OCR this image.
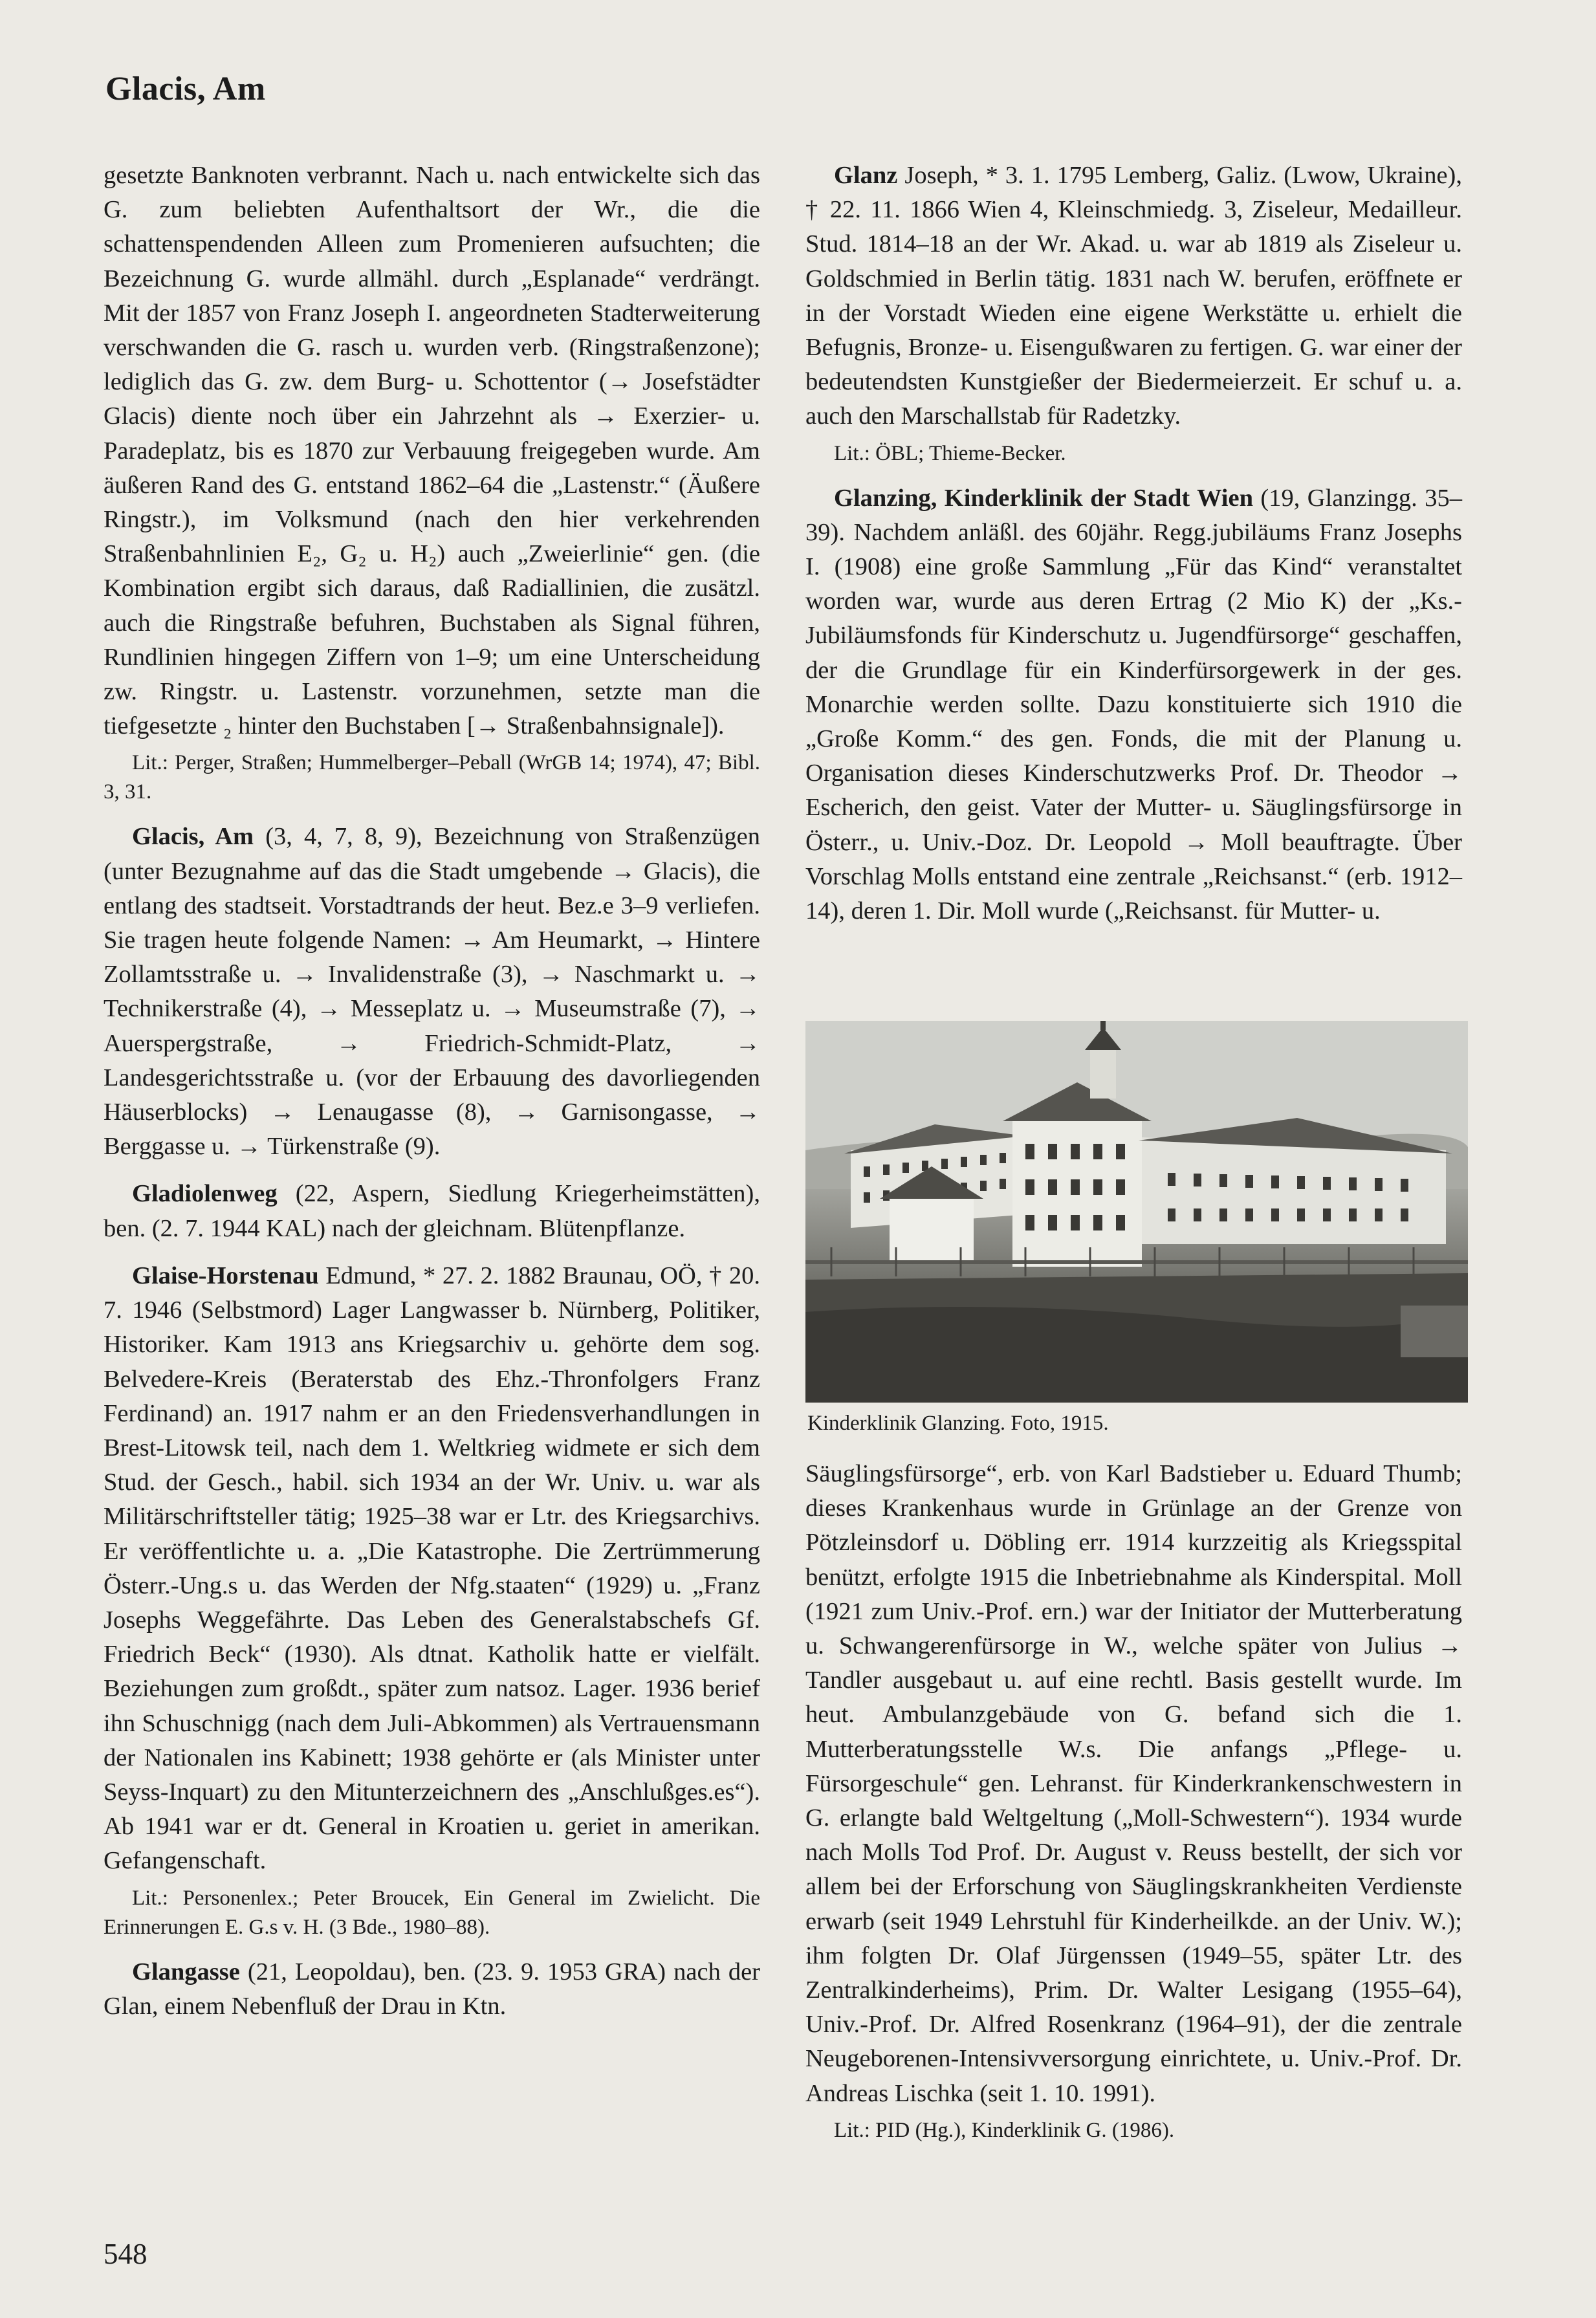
Glacis, Am

gesetzte Banknoten verbrannt. Nach u. nach entwickelte sich das G. zum beliebten Aufenthaltsort der Wr., die die schattenspendenden Alleen zum Promenieren aufsuchten; die Bezeichnung G. wurde allmähl. durch „Esplanade“ verdrängt. Mit der 1857 von Franz Joseph I. angeordneten Stadterweiterung verschwanden die G. rasch u. wurden verb. (Ringstraßenzone); lediglich das G. zw. dem Burg- u. Schottentor (→ Josefstädter Glacis) diente noch über ein Jahrzehnt als → Exerzier- u. Paradeplatz, bis es 1870 zur Verbauung freigegeben wurde. Am äußeren Rand des G. entstand 1862–64 die „Lastenstr.“ (Äußere Ringstr.), im Volksmund (nach den hier verkehrenden Straßenbahnlinien E₂, G₂ u. H₂) auch „Zweierlinie“ gen. (die Kombination ergibt sich daraus, daß Radiallinien, die zusätzl. auch die Ringstraße befuhren, Buchstaben als Signal führen, Rundlinien hingegen Ziffern von 1–9; um eine Unterscheidung zw. Ringstr. u. Lastenstr. vorzunehmen, setzte man die tiefgesetzte ₂ hinter den Buchstaben [→ Straßenbahnsignale]).

Lit.: Perger, Straßen; Hummelberger–Peball (WrGB 14; 1974), 47; Bibl. 3, 31.

Glacis, Am (3, 4, 7, 8, 9), Bezeichnung von Straßenzügen (unter Bezugnahme auf das die Stadt umgebende → Glacis), die entlang des stadtseit. Vorstadtrands der heut. Bez.e 3–9 verliefen. Sie tragen heute folgende Namen: → Am Heumarkt, → Hintere Zollamtsstraße u. → Invalidenstraße (3), → Naschmarkt u. → Technikerstraße (4), → Messeplatz u. → Museumstraße (7), → Auerspergstraße, → Friedrich-Schmidt-Platz, → Landesgerichtsstraße u. (vor der Erbauung des davorliegenden Häuserblocks) → Lenaugasse (8), → Garnisongasse, → Berggasse u. → Türkenstraße (9).

Gladiolenweg (22, Aspern, Siedlung Kriegerheimstätten), ben. (2. 7. 1944 KAL) nach der gleichnam. Blütenpflanze.

Glaise-Horstenau Edmund, * 27. 2. 1882 Braunau, OÖ, † 20. 7. 1946 (Selbstmord) Lager Langwasser b. Nürnberg, Politiker, Historiker. Kam 1913 ans Kriegsarchiv u. gehörte dem sog. Belvedere-Kreis (Beraterstab des Ehz.-Thronfolgers Franz Ferdinand) an. 1917 nahm er an den Friedensverhandlungen in Brest-Litowsk teil, nach dem 1. Weltkrieg widmete er sich dem Stud. der Gesch., habil. sich 1934 an der Wr. Univ. u. war als Militärschriftsteller tätig; 1925–38 war er Ltr. des Kriegsarchivs. Er veröffentlichte u. a. „Die Katastrophe. Die Zertrümmerung Österr.-Ung.s u. das Werden der Nfg.staaten“ (1929) u. „Franz Josephs Weggefährte. Das Leben des Generalstabschefs Gf. Friedrich Beck“ (1930). Als dtnat. Katholik hatte er vielfält. Beziehungen zum großdt., später zum natsoz. Lager. 1936 berief ihn Schuschnigg (nach dem Juli-Abkommen) als Vertrauensmann der Nationalen ins Kabinett; 1938 gehörte er (als Minister unter Seyss-Inquart) zu den Mitunterzeichnern des „Anschlußges.es“). Ab 1941 war er dt. General in Kroatien u. geriet in amerikan. Gefangenschaft.

Lit.: Personenlex.; Peter Broucek, Ein General im Zwielicht. Die Erinnerungen E. G.s v. H. (3 Bde., 1980–88).

Glangasse (21, Leopoldau), ben. (23. 9. 1953 GRA) nach der Glan, einem Nebenfluß der Drau in Ktn.

Glanz Joseph, * 3. 1. 1795 Lemberg, Galiz. (Lwow, Ukraine), † 22. 11. 1866 Wien 4, Kleinschmiedg. 3, Ziseleur, Medailleur. Stud. 1814–18 an der Wr. Akad. u. war ab 1819 als Ziseleur u. Goldschmied in Berlin tätig. 1831 nach W. berufen, eröffnete er in der Vorstadt Wieden eine eigene Werkstätte u. erhielt die Befugnis, Bronze- u. Eisengußwaren zu fertigen. G. war einer der bedeutendsten Kunstgießer der Biedermeierzeit. Er schuf u. a. auch den Marschallstab für Radetzky.

Lit.: ÖBL; Thieme-Becker.

Glanzing, Kinderklinik der Stadt Wien (19, Glanzingg. 35–39). Nachdem anläßl. des 60jähr. Regg.jubiläums Franz Josephs I. (1908) eine große Sammlung „Für das Kind“ veranstaltet worden war, wurde aus deren Ertrag (2 Mio K) der „Ks.-Jubiläumsfonds für Kinderschutz u. Jugendfürsorge“ geschaffen, der die Grundlage für ein Kinderfürsorgewerk in der ges. Monarchie werden sollte. Dazu konstituierte sich 1910 die „Große Komm.“ des gen. Fonds, die mit der Planung u. Organisation dieses Kinderschutzwerks Prof. Dr. Theodor → Escherich, den geist. Vater der Mutter- u. Säuglingsfürsorge in Österr., u. Univ.-Doz. Dr. Leopold → Moll beauftragte. Über Vorschlag Molls entstand eine zentrale „Reichsanst.“ (erb. 1912–14), deren 1. Dir. Moll wurde („Reichsanst. für Mutter- u.

Kinderklinik Glanzing. Foto, 1915.

Säuglingsfürsorge“, erb. von Karl Badstieber u. Eduard Thumb; dieses Krankenhaus wurde in Grünlage an der Grenze von Pötzleinsdorf u. Döbling err. 1914 kurzzeitig als Kriegsspital benützt, erfolgte 1915 die Inbetriebnahme als Kinderspital. Moll (1921 zum Univ.-Prof. ern.) war der Initiator der Mutterberatung u. Schwangerenfürsorge in W., welche später von Julius → Tandler ausgebaut u. auf eine rechtl. Basis gestellt wurde. Im heut. Ambulanzgebäude von G. befand sich die 1. Mutterberatungsstelle W.s. Die anfangs „Pflege- u. Fürsorgeschule“ gen. Lehranst. für Kinderkrankenschwestern in G. erlangte bald Weltgeltung („Moll-Schwestern“). 1934 wurde nach Molls Tod Prof. Dr. August v. Reuss bestellt, der sich vor allem bei der Erforschung von Säuglingskrankheiten Verdienste erwarb (seit 1949 Lehrstuhl für Kinderheilkde. an der Univ. W.); ihm folgten Dr. Olaf Jürgenssen (1949–55, später Ltr. des Zentralkinderheims), Prim. Dr. Walter Lesigang (1955–64), Univ.-Prof. Dr. Alfred Rosenkranz (1964–91), der die zentrale Neugeborenen-Intensivversorgung einrichtete, u. Univ.-Prof. Dr. Andreas Lischka (seit 1. 10. 1991).

Lit.: PID (Hg.), Kinderklinik G. (1986).

548
